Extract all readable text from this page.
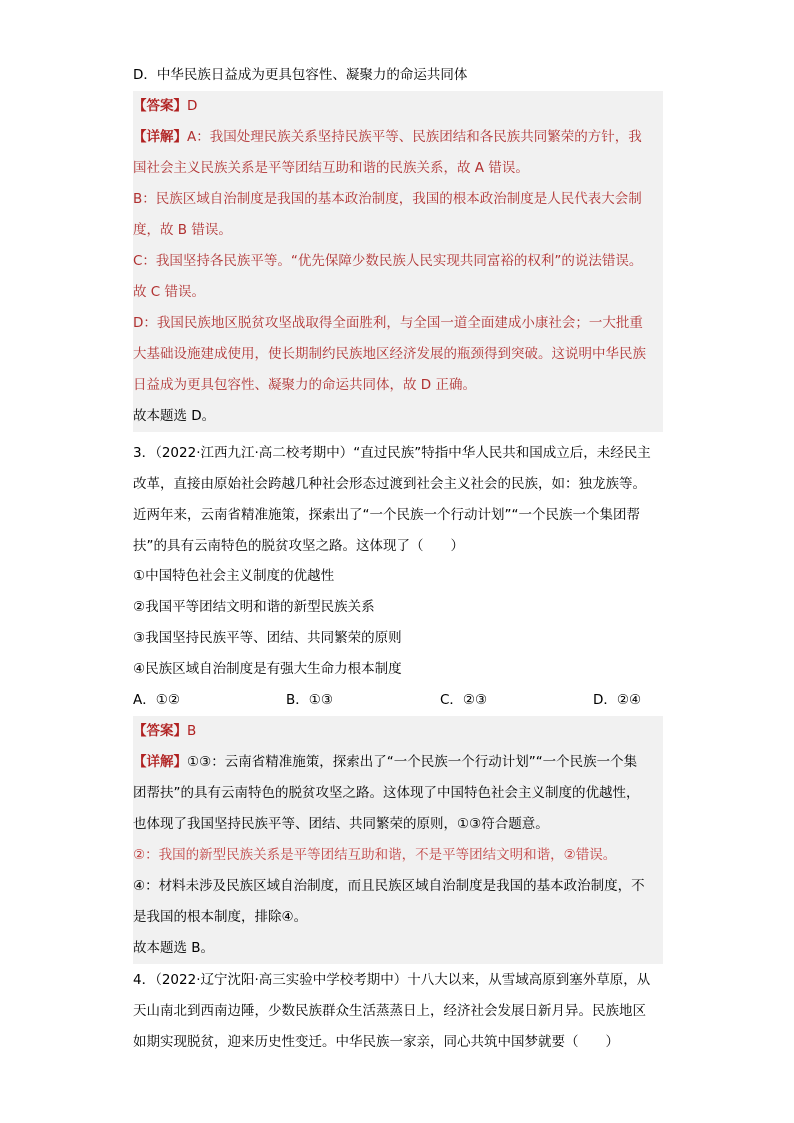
D．中华民族日益成为更具包容性、凝聚力的命运共同体
【答案】D
【详解】A：我国处理民族关系坚持民族平等、民族团结和各民族共同繁荣的方针，我
国社会主义民族关系是平等团结互助和谐的民族关系，故 A 错误。
B：民族区域自治制度是我国的基本政治制度，我国的根本政治制度是人民代表大会制
度，故 B 错误。
C：我国坚持各民族平等。“优先保障少数民族人民实现共同富裕的权利”的说法错误。
故 C 错误。
D：我国民族地区脱贫攻坚战取得全面胜利，与全国一道全面建成小康社会；一大批重
大基础设施建成使用，使长期制约民族地区经济发展的瓶颈得到突破。这说明中华民族
日益成为更具包容性、凝聚力的命运共同体，故 D 正确。
故本题选 D。
3．（2022·江西九江·高二校考期中）“直过民族”特指中华人民共和国成立后，未经民主
改革，直接由原始社会跨越几种社会形态过渡到社会主义社会的民族，如：独龙族等。
近两年来，云南省精准施策，探索出了“一个民族一个行动计划”“一个民族一个集团帮
扶”的具有云南特色的脱贫攻坚之路。这体现了（　　）
①中国特色社会主义制度的优越性
②我国平等团结文明和谐的新型民族关系
③我国坚持民族平等、团结、共同繁荣的原则
④民族区域自治制度是有强大生命力根本制度
A．①②	B．①③	C．②③	D．②④
【答案】B
【详解】①③：云南省精准施策，探索出了“一个民族一个行动计划”“一个民族一个集
团帮扶”的具有云南特色的脱贫攻坚之路。这体现了中国特色社会主义制度的优越性，
也体现了我国坚持民族平等、团结、共同繁荣的原则，①③符合题意。
②：我国的新型民族关系是平等团结互助和谐，不是平等团结文明和谐，②错误。
④：材料未涉及民族区域自治制度，而且民族区域自治制度是我国的基本政治制度，不
是我国的根本制度，排除④。
故本题选 B。
4．（2022·辽宁沈阳·高三实验中学校考期中）十八大以来，从雪域高原到塞外草原，从
天山南北到西南边陲，少数民族群众生活蒸蒸日上，经济社会发展日新月异。民族地区
如期实现脱贫，迎来历史性变迁。中华民族一家亲，同心共筑中国梦就要（　　）
